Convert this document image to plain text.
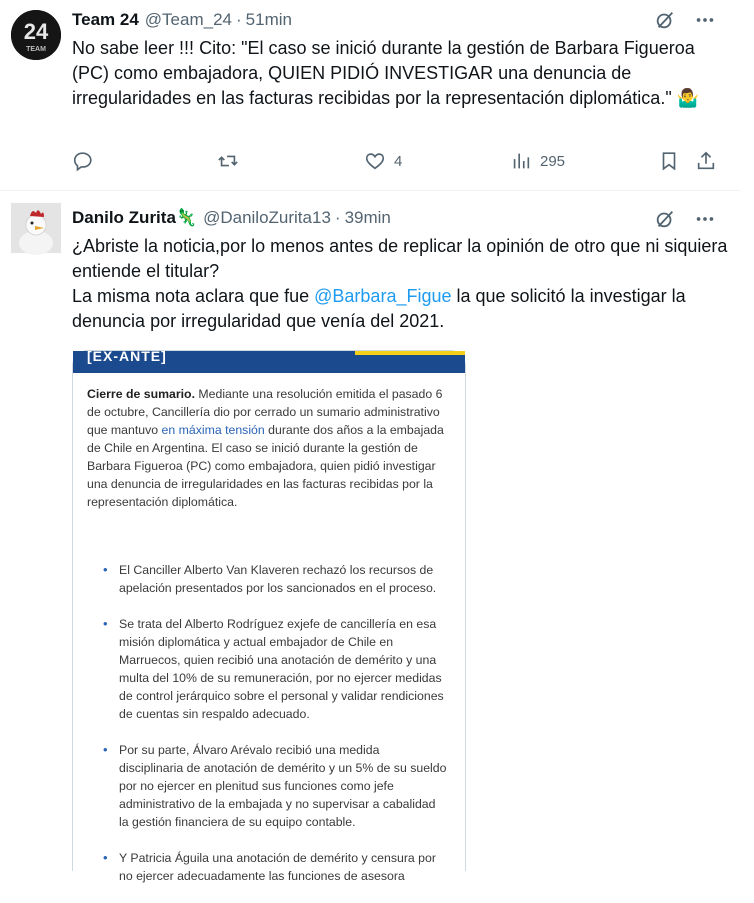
24
TEAM
Team 24 @Team_24 · 51min
No sabe leer !!! Cito: "El caso se inició durante la gestión de Barbara Figueroa (PC) como embajadora, QUIEN PIDIÓ INVESTIGAR una denuncia de irregularidades en las facturas recibidas por la representación diplomática." 🤷‍♂️
4	295
Danilo Zurita 🦎 @DaniloZurita13 · 39min
¿Abriste la noticia,por lo menos antes de replicar la opinión de otro que ni siquiera entiende el titular?
La misma nota aclara que fue @Barbara_Figue la que solicitó la investigar la denuncia por irregularidad que venía del 2021.
[EX-ANTE]
Cierre de sumario. Mediante una resolución emitida el pasado 6 de octubre, Cancillería dio por cerrado un sumario administrativo que mantuvo en máxima tensión durante dos años a la embajada de Chile en Argentina. El caso se inició durante la gestión de Barbara Figueroa (PC) como embajadora, quien pidió investigar una denuncia de irregularidades en las facturas recibidas por la representación diplomática.
• El Canciller Alberto Van Klaveren rechazó los recursos de apelación presentados por los sancionados en el proceso.
• Se trata del Alberto Rodríguez exjefe de cancillería en esa misión diplomática y actual embajador de Chile en Marruecos, quien recibió una anotación de demérito y una multa del 10% de su remuneración, por no ejercer medidas de control jerárquico sobre el personal y validar rendiciones de cuentas sin respaldo adecuado.
• Por su parte, Álvaro Arévalo recibió una medida disciplinaria de anotación de demérito y un 5% de su sueldo por no ejercer en plenitud sus funciones como jefe administrativo de la embajada y no supervisar a cabalidad la gestión financiera de su equipo contable.
• Y Patricia Águila una anotación de demérito y censura por no ejercer adecuadamente las funciones de asesora
